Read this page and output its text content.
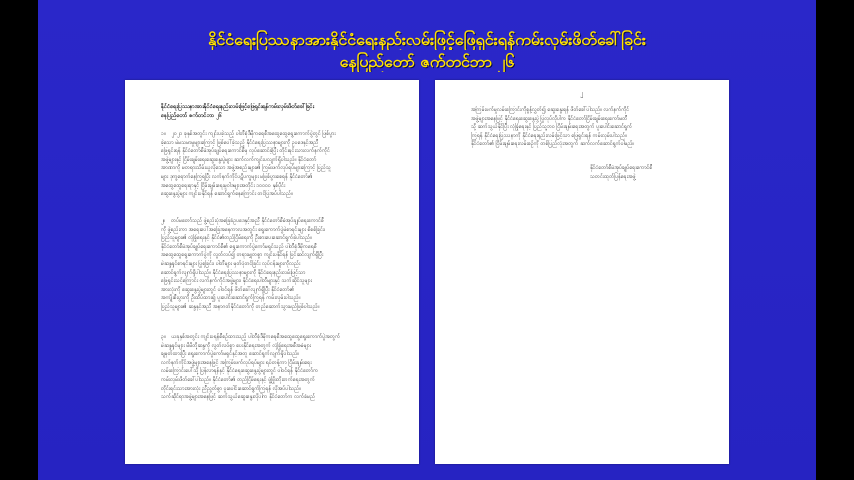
နိုင်ငံရေးပြဿနာအားနိုင်ငံရေးနည်းလမ်းဖြင့်ဖြေရှင်းရန်ကမ်းလှမ်းဖိတ်ခေါ်ခြင်း
နေပြည်တော် ဇက်တင်ဘာ ၂၆
နိုင်ငံရေးပြဿနာအားနိုင်ငံရေးနည်းလမ်းဖြင့်ဖြေရှင်းရန်ကမ်းလှမ်းဖိတ်ခေါ်ခြင်း
နေပြည်တော် ဇက်တင်ဘာ ၂၆
၁။ ၂၀၂၁ ခုနှစ်အတွင်း ကျင်းပခဲ့သည့် ပါတီစုံဒီမိုကရေစီအထွေထွေရွေးကောက်ပွဲတွင် ဖြစ်ပွား
ခဲ့သော မဲမသမာမှုများကြောင့် ဖြစ်ပေါ်ခဲ့သည့် နိုင်ငံရေးပြဿနာများကို ဥပဒေနှင့်အညီ
ဖြေရှင်းရန် နိုင်ငံတော်စီမံအုပ်ချုပ်ရေးကောင်စီမှ လုပ်ဆောင်ခဲ့ပြီး တိုင်းရင်းသားလက်နက်ကိုင်
အဖွဲ့များနှင့် ငြိမ်းချမ်းရေးဆွေးနွေးပွဲများ ဆက်လက်ကျင်းပလျက်ရှိပါသည်။ နိုင်ငံတော်
အာဏာကို မတရားသိမ်းယူလိုသော အဖွဲ့အစည်းများ၏ ကြမ်းဖက်လုပ်ရပ်များကြောင့် ပြည်သူ
များ ဒုက္ခရောက်နေကြရပြီး လက်နက်ကိုင်ပဋိပက္ခများ မဖြစ်ပွားစေရန် နိုင်ငံတော်၏
အထွေထွေရေးရာနှင့် ငြိမ်းချမ်းရေးမူဝါဒများအတိုင်း ၁၀၀၀၀ နှစ်ပိုင်း
ဆွေးနွေးပွဲများ ကျင်းပနိုင်ရန် ဆောင်ရွက်နေကြောင်း တင်ပြအပ်ပါသည်။
၂။ တပ်မတော်သည် ဖွဲ့စည်းပုံအခြေခံဥပဒေနှင့်အညီ နိုင်ငံတော်စီမံအုပ်ချုပ်ရေးကောင်စီ
ကို ဖွဲ့စည်းကာ အရေးပေါ်အခြေအနေကာလအတွင်း ရွေးကောက်ပွဲမဲစာရင်းများ စိစစ်ခြင်း၊
ပြည်သူများ၏ လုံခြုံရေးနှင့် နိုင်ငံ၏တည်ငြိမ်ရေးကို ဦးစားပေးဆောင်ရွက်ခဲ့ပါသည်။
နိုင်ငံတော်စီမံအုပ်ချုပ်ရေးကောင်စီ၏ ရွေးကောက်ပွဲကော်မရှင်သည် ပါတီစုံဒီမိုကရေစီ
အထွေထွေရွေးကောက်ပွဲကို လွတ်လပ်၍ တရားမျှတစွာ ကျင်းပနိုင်ရန် ပြင်ဆင်လျက်ရှိပြီး
မဲဆန္ဒရှင်စာရင်းများ ပြုစုခြင်း၊ ပါတီများ မှတ်ပုံတင်ခြင်း လုပ်ငန်းများကိုလည်း
ဆောင်ရွက်လျက်ရှိပါသည်။ နိုင်ငံရေးပြဿနာများကို နိုင်ငံရေးနည်းလမ်းဖြင့်သာ
ဖြေရှင်းသင့်ကြောင်း လက်နက်ကိုင်အဖွဲ့များ၊ နိုင်ငံရေးပါတီများနှင့် သက်ဆိုင်သူများ
အားလုံးကို ဆွေးနွေးပွဲများတွင် ပါဝင်ရန် ဖိတ်ခေါ်လျက်ရှိပြီး နိုင်ငံတော်၏
အကျိုးစီးပွားကို ဦးထိပ်ထား၍ ပူးပေါင်းဆောင်ရွက်ကြရန် ကမ်းလှမ်းပါသည်။
ပြည်သူများ၏ ဆန္ဒနှင့်အညီ အနာဂတ်နိုင်ငံတော်ကို တည်ဆောက်သွားမည်ဖြစ်ပါသည်။
၃။ ယခုနှစ်အတွင်း ကျင်းပရန်စီစဉ်ထားသည့် ပါတီစုံဒီမိုကရေစီအထွေထွေရွေးကောက်ပွဲအတွက်
မဲဆန္ဒရှင်များ မိမိတို့ဆန္ဒကို လွတ်လပ်စွာ ပေးနိုင်ရေးအတွက် လုံခြုံရေးအစီအမံများ
ချမှတ်ထားပြီး ရွေးကောက်ပွဲကော်မရှင်နှင့်အတူ ဆောင်ရွက်လျက်ရှိပါသည်။
လက်နက်ကိုင်အဖွဲ့များအနေဖြင့် အကြမ်းဖက်လုပ်ရပ်များ ရပ်တန့်ကာ ငြိမ်းချမ်းရေး
လမ်းကြောင်းပေါ်သို့ ပြန်လာရန်နှင့် နိုင်ငံရေးဆွေးနွေးပွဲများတွင် ပါဝင်ရန် နိုင်ငံတော်က
ကမ်းလှမ်းဖိတ်ခေါ်ပါသည်။ နိုင်ငံတော်၏ တည်ငြိမ်ရေးနှင့် ဖွံ့ဖြိုးတိုးတက်ရေးအတွက်
တိုင်းရင်းသားအားလုံး ညီညွတ်စွာ ပူးပေါင်းဆောင်ရွက်ကြရန် လိုအပ်ပါသည်။
သက်ဆိုင်ရာအဖွဲ့များအနေဖြင့် ဆက်သွယ်ဆွေးနွေးလိုပါက နိုင်ငံတော်က လက်ခံမည်
၂
အကြမ်းဖက်မှုလမ်းကြောင်းကိုစွန့်လွှတ်၍ ဆွေးနွေးရန် ဖိတ်ခေါ်ပါသည်။ လက်နက်ကိုင်
အဖွဲ့များအနေဖြင့် နိုင်ငံရေးဆွေးနွေးပွဲ ပြုလုပ်လိုပါက နိုင်ငံတော်ငြိမ်းချမ်းရေးကော်မတီ
သို့ ဆက်သွယ်နိုင်ပြီး လုံခြုံရေးနှင့် ပြည်သူ့ဘဝ ငြိမ်းချမ်းရေးအတွက် ပူးပေါင်းဆောင်ရွက်
ကြရန် နိုင်ငံရေးပြဿနာကို နိုင်ငံရေးနည်းလမ်းဖြင့်သာ ဖြေရှင်းရန် ကမ်းလှမ်းပါသည်။
နိုင်ငံတော်၏ ငြိမ်းချမ်းရေးလမ်းစဉ်ကို တစ်ပြည်လုံးအတွက် ဆက်လက်ဆောင်ရွက်ပါမည်။
နိုင်ငံတော်စီမံအုပ်ချုပ်ရေးကောင်စီ
သတင်းထုတ်ပြန်ရေးအဖွဲ့
